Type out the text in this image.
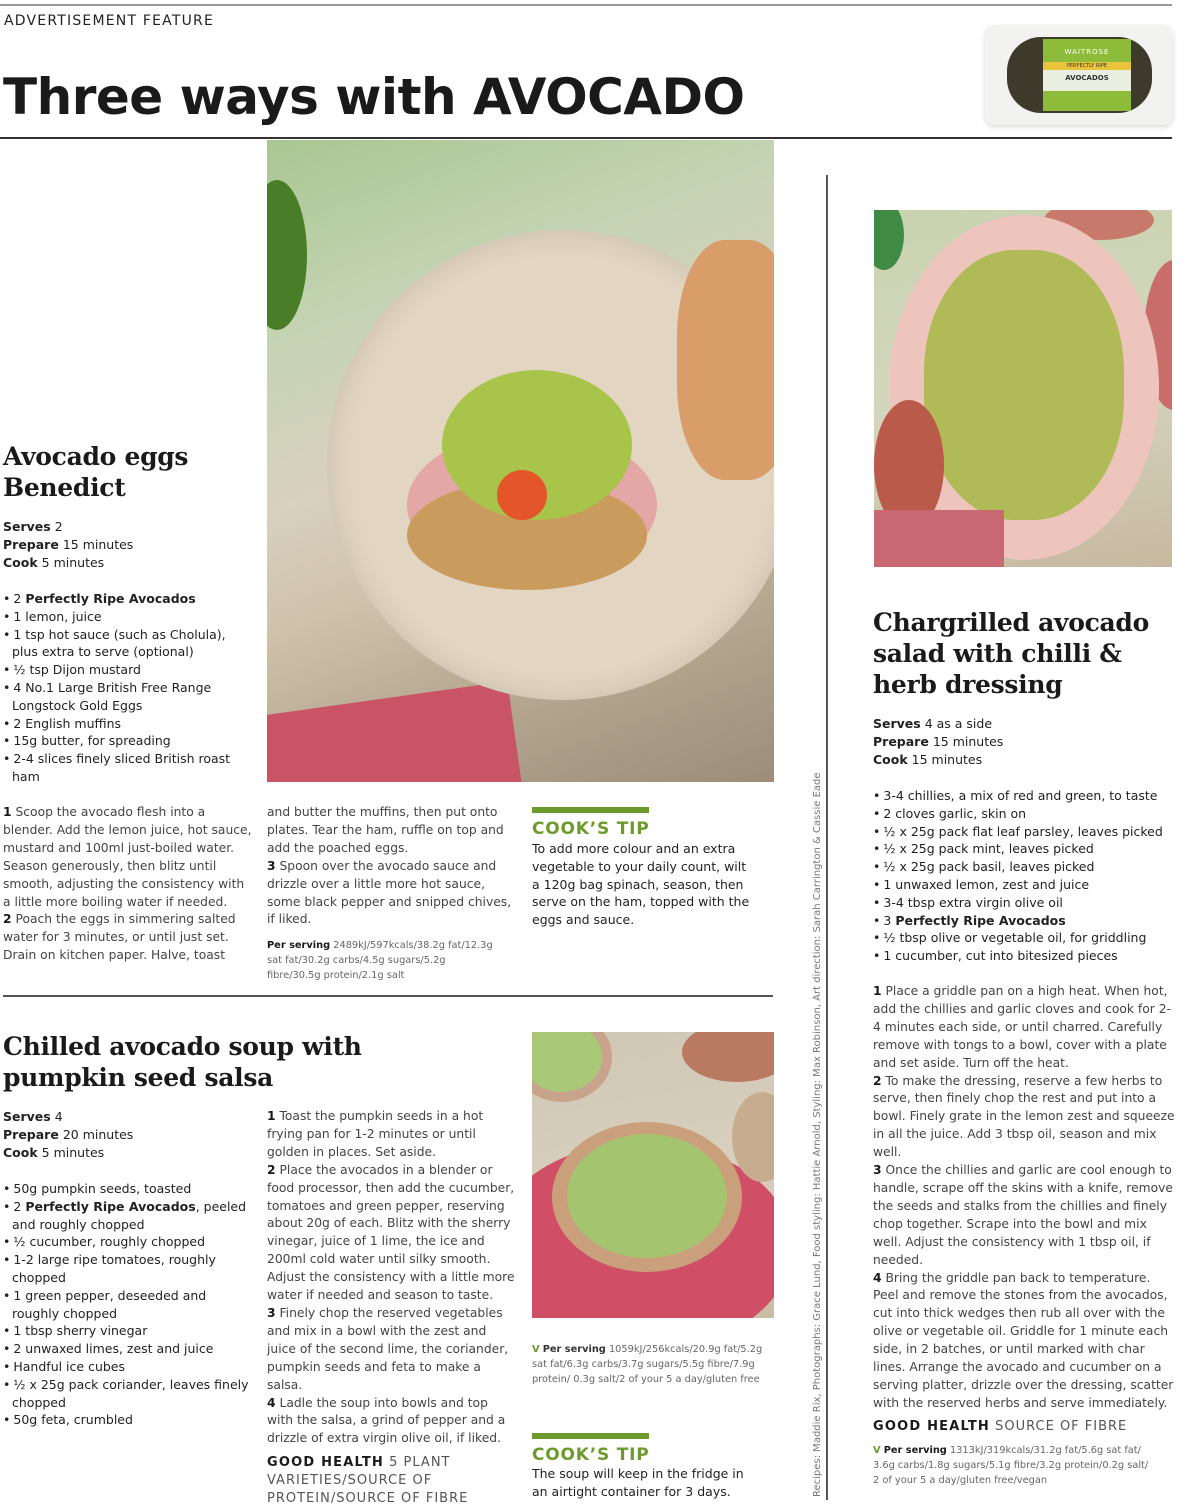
ADVERTISEMENT FEATURE
Three ways with AVOCADO
WAITROSE
PERFECTLY RIPE
AVOCADOS
Avocado eggs Benedict
Serves 2
Prepare 15 minutes
Cook 5 minutes
• 2 Perfectly Ripe Avocados
• 1 lemon, juice
• 1 tsp hot sauce (such as Cholula), plus extra to serve (optional)
• ½ tsp Dijon mustard
• 4 No.1 Large British Free Range Longstock Gold Eggs
• 2 English muffins
• 15g butter, for spreading
• 2-4 slices finely sliced British roast ham

1 Scoop the avocado flesh into a blender. Add the lemon juice, hot sauce, mustard and 100ml just-boiled water. Season generously, then blitz until smooth, adjusting the consistency with a little more boiling water if needed.

2 Poach the eggs in simmering salted water for 3 minutes, or until just set. Drain on kitchen paper. Halve, toast

and butter the muffins, then put onto plates. Tear the ham, ruffle on top and add the poached eggs.

3 Spoon over the avocado sauce and drizzle over a little more hot sauce, some black pepper and snipped chives, if liked.

Per serving 2489kJ/597kcals/38.2g fat/12.3g sat fat/30.2g carbs/4.5g sugars/5.2g fibre/30.5g protein/2.1g salt

COOK’S TIP
To add more colour and an extra vegetable to your daily count, wilt a 120g bag spinach, season, then serve on the ham, topped with the eggs and sauce.
Chilled avocado soup with pumpkin seed salsa
Serves 4
Prepare 20 minutes
Cook 5 minutes
• 50g pumpkin seeds, toasted
• 2 Perfectly Ripe Avocados, peeled and roughly chopped
• ½ cucumber, roughly chopped
• 1-2 large ripe tomatoes, roughly chopped
• 1 green pepper, deseeded and roughly chopped
• 1 tbsp sherry vinegar
• 2 unwaxed limes, zest and juice
• Handful ice cubes
• ½ x 25g pack coriander, leaves finely chopped
• 50g feta, crumbled

1 Toast the pumpkin seeds in a hot frying pan for 1-2 minutes or until golden in places. Set aside.

2 Place the avocados in a blender or food processor, then add the cucumber, tomatoes and green pepper, reserving about 20g of each. Blitz with the sherry vinegar, juice of 1 lime, the ice and 200ml cold water until silky smooth. Adjust the consistency with a little more water if needed and season to taste.

3 Finely chop the reserved vegetables and mix in a bowl with the zest and juice of the second lime, the coriander, pumpkin seeds and feta to make a salsa.

4 Ladle the soup into bowls and top with the salsa, a grind of pepper and a drizzle of extra virgin olive oil, if liked.

GOOD HEALTH 5 PLANT VARIETIES/SOURCE OF PROTEIN/SOURCE OF FIBRE

V Per serving 1059kJ/256kcals/20.9g fat/5.2g sat fat/6.3g carbs/3.7g sugars/5.5g fibre/7.9g protein/ 0.3g salt/2 of your 5 a day/gluten free
COOK’S TIP
The soup will keep in the fridge in an airtight container for 3 days.	Recipes: Maddie Rix, Photographs: Grace Lund, Food styling: Hattie Arnold, Styling: Max Robinson, Art direction: Sarah Carrington & Cassie Eade
Chargrilled avocado salad with chilli & herb dressing
Serves 4 as a side
Prepare 15 minutes
Cook 15 minutes
• 3-4 chillies, a mix of red and green, to taste
• 2 cloves garlic, skin on
• ½ x 25g pack flat leaf parsley, leaves picked
• ½ x 25g pack mint, leaves picked
• ½ x 25g pack basil, leaves picked
• 1 unwaxed lemon, zest and juice
• 3-4 tbsp extra virgin olive oil
• 3 Perfectly Ripe Avocados
• ½ tbsp olive or vegetable oil, for griddling
• 1 cucumber, cut into bitesized pieces

1 Place a griddle pan on a high heat. When hot, add the chillies and garlic cloves and cook for 2-4 minutes each side, or until charred. Carefully remove with tongs to a bowl, cover with a plate and set aside. Turn off the heat.

2 To make the dressing, reserve a few herbs to serve, then finely chop the rest and put into a bowl. Finely grate in the lemon zest and squeeze in all the juice. Add 3 tbsp oil, season and mix well.

3 Once the chillies and garlic are cool enough to handle, scrape off the skins with a knife, remove the seeds and stalks from the chillies and finely chop together. Scrape into the bowl and mix well. Adjust the consistency with 1 tbsp oil, if needed.

4 Bring the griddle pan back to temperature. Peel and remove the stones from the avocados, cut into thick wedges then rub all over with the olive or vegetable oil. Griddle for 1 minute each side, in 2 batches, or until marked with char lines. Arrange the avocado and cucumber on a serving platter, drizzle over the dressing, scatter with the reserved herbs and serve immediately.

GOOD HEALTH SOURCE OF FIBRE

V Per serving 1313kJ/319kcals/31.2g fat/5.6g sat fat/ 3.6g carbs/1.8g sugars/5.1g fibre/3.2g protein/0.2g salt/ 2 of your 5 a day/gluten free/vegan
